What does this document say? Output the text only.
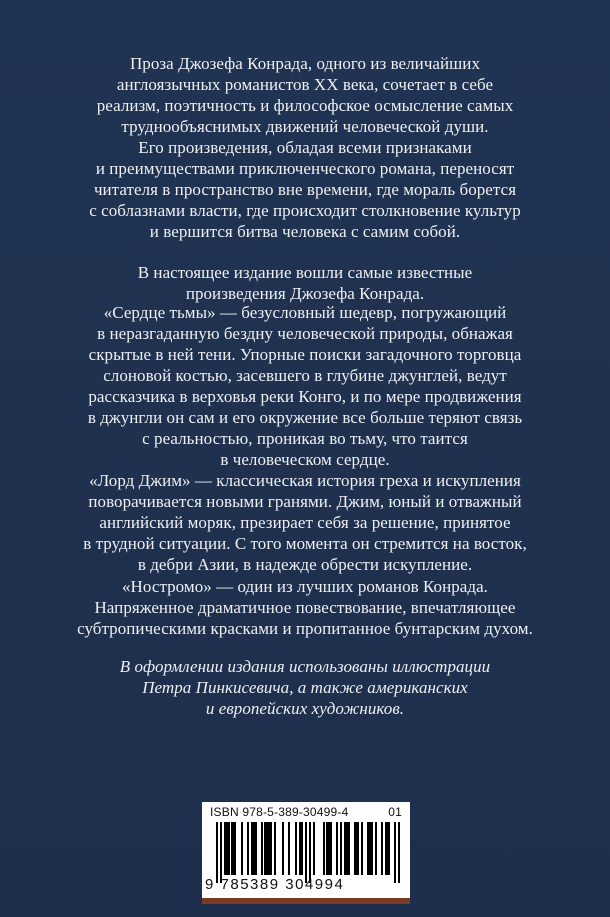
Проза Джозефа Конрада, одного из величайших
англоязычных романистов XX века, сочетает в себе
реализм, поэтичность и философское осмысление самых
труднообъяснимых движений человеческой души.
Его произведения, обладая всеми признаками
и преимуществами приключенческого романа, переносят
читателя в пространство вне времени, где мораль борется
с соблазнами власти, где происходит столкновение культур
и вершится битва человека с самим собой.
В настоящее издание вошли самые известные
произведения Джозефа Конрада.
«Сердце тьмы» — безусловный шедевр, погружающий
в неразгаданную бездну человеческой природы, обнажая
скрытые в ней тени. Упорные поиски загадочного торговца
слоновой костью, засевшего в глубине джунглей, ведут
рассказчика в верховья реки Конго, и по мере продвижения
в джунгли он сам и его окружение все больше теряют связь
с реальностью, проникая во тьму, что таится
в человеческом сердце.
«Лорд Джим» — классическая история греха и искупления
поворачивается новыми гранями. Джим, юный и отважный
английский моряк, презирает себя за решение, принятое
в трудной ситуации. С того момента он стремится на восток,
в дебри Азии, в надежде обрести искупление.
«Ностромо» — один из лучших романов Конрада.
Напряженное драматичное повествование, впечатляющее
субтропическими красками и пропитанное бунтарским духом.
В оформлении издания использованы иллюстрации
Петра Пинкисевича, а также американских
и европейских художников.
ISBN 978-5-389-30499-4	01
9 785389 304994
